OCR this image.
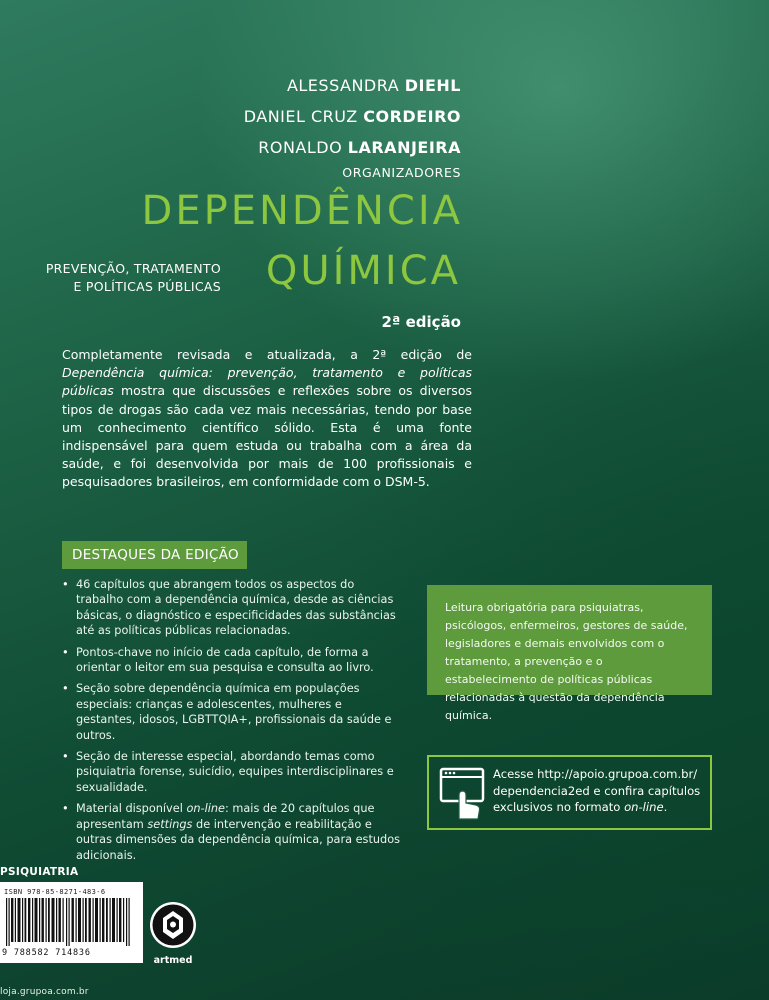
ALESSANDRA DIEHL
DANIEL CRUZ CORDEIRO
RONALDO LARANJEIRA
ORGANIZADORES
DEPENDÊNCIA
PREVENÇÃO, TRATAMENTO
E POLÍTICAS PÚBLICAS QUÍMICA
2ª edição
Completamente revisada e atualizada, a 2ª edição de Dependência química: prevenção, tratamento e políticas públicas mostra que discussões e reflexões sobre os diversos tipos de drogas são cada vez mais necessárias, tendo por base um conhecimento científico sólido. Esta é uma fonte indispensável para quem estuda ou trabalha com a área da saúde, e foi desenvolvida por mais de 100 profissionais e pesquisadores brasileiros, em conformidade com o DSM-5.
DESTAQUES DA EDIÇÃO
• 46 capítulos que abrangem todos os aspectos do trabalho com a dependência química, desde as ciências básicas, o diagnóstico e especificidades das substâncias até as políticas públicas relacionadas.
• Pontos-chave no início de cada capítulo, de forma a orientar o leitor em sua pesquisa e consulta ao livro.
• Seção sobre dependência química em populações especiais: crianças e adolescentes, mulheres e gestantes, idosos, LGBTTQIA+, profissionais da saúde e outros.
• Seção de interesse especial, abordando temas como psiquiatria forense, suicídio, equipes interdisciplinares e sexualidade.
• Material disponível on-line: mais de 20 capítulos que apresentam settings de intervenção e reabilitação e outras dimensões da dependência química, para estudos adicionais.
Leitura obrigatória para psiquiatras, psicólogos, enfermeiros, gestores de saúde, legisladores e demais envolvidos com o tratamento, a prevenção e o estabelecimento de políticas públicas relacionadas à questão da dependência química.
Acesse http://apoio.grupoa.com.br/ dependencia2ed e confira capítulos exclusivos no formato on-line.
PSIQUIATRIA
ISBN 978-85-8271-483-6
9 788582 714836
artmed
loja.grupoa.com.br
